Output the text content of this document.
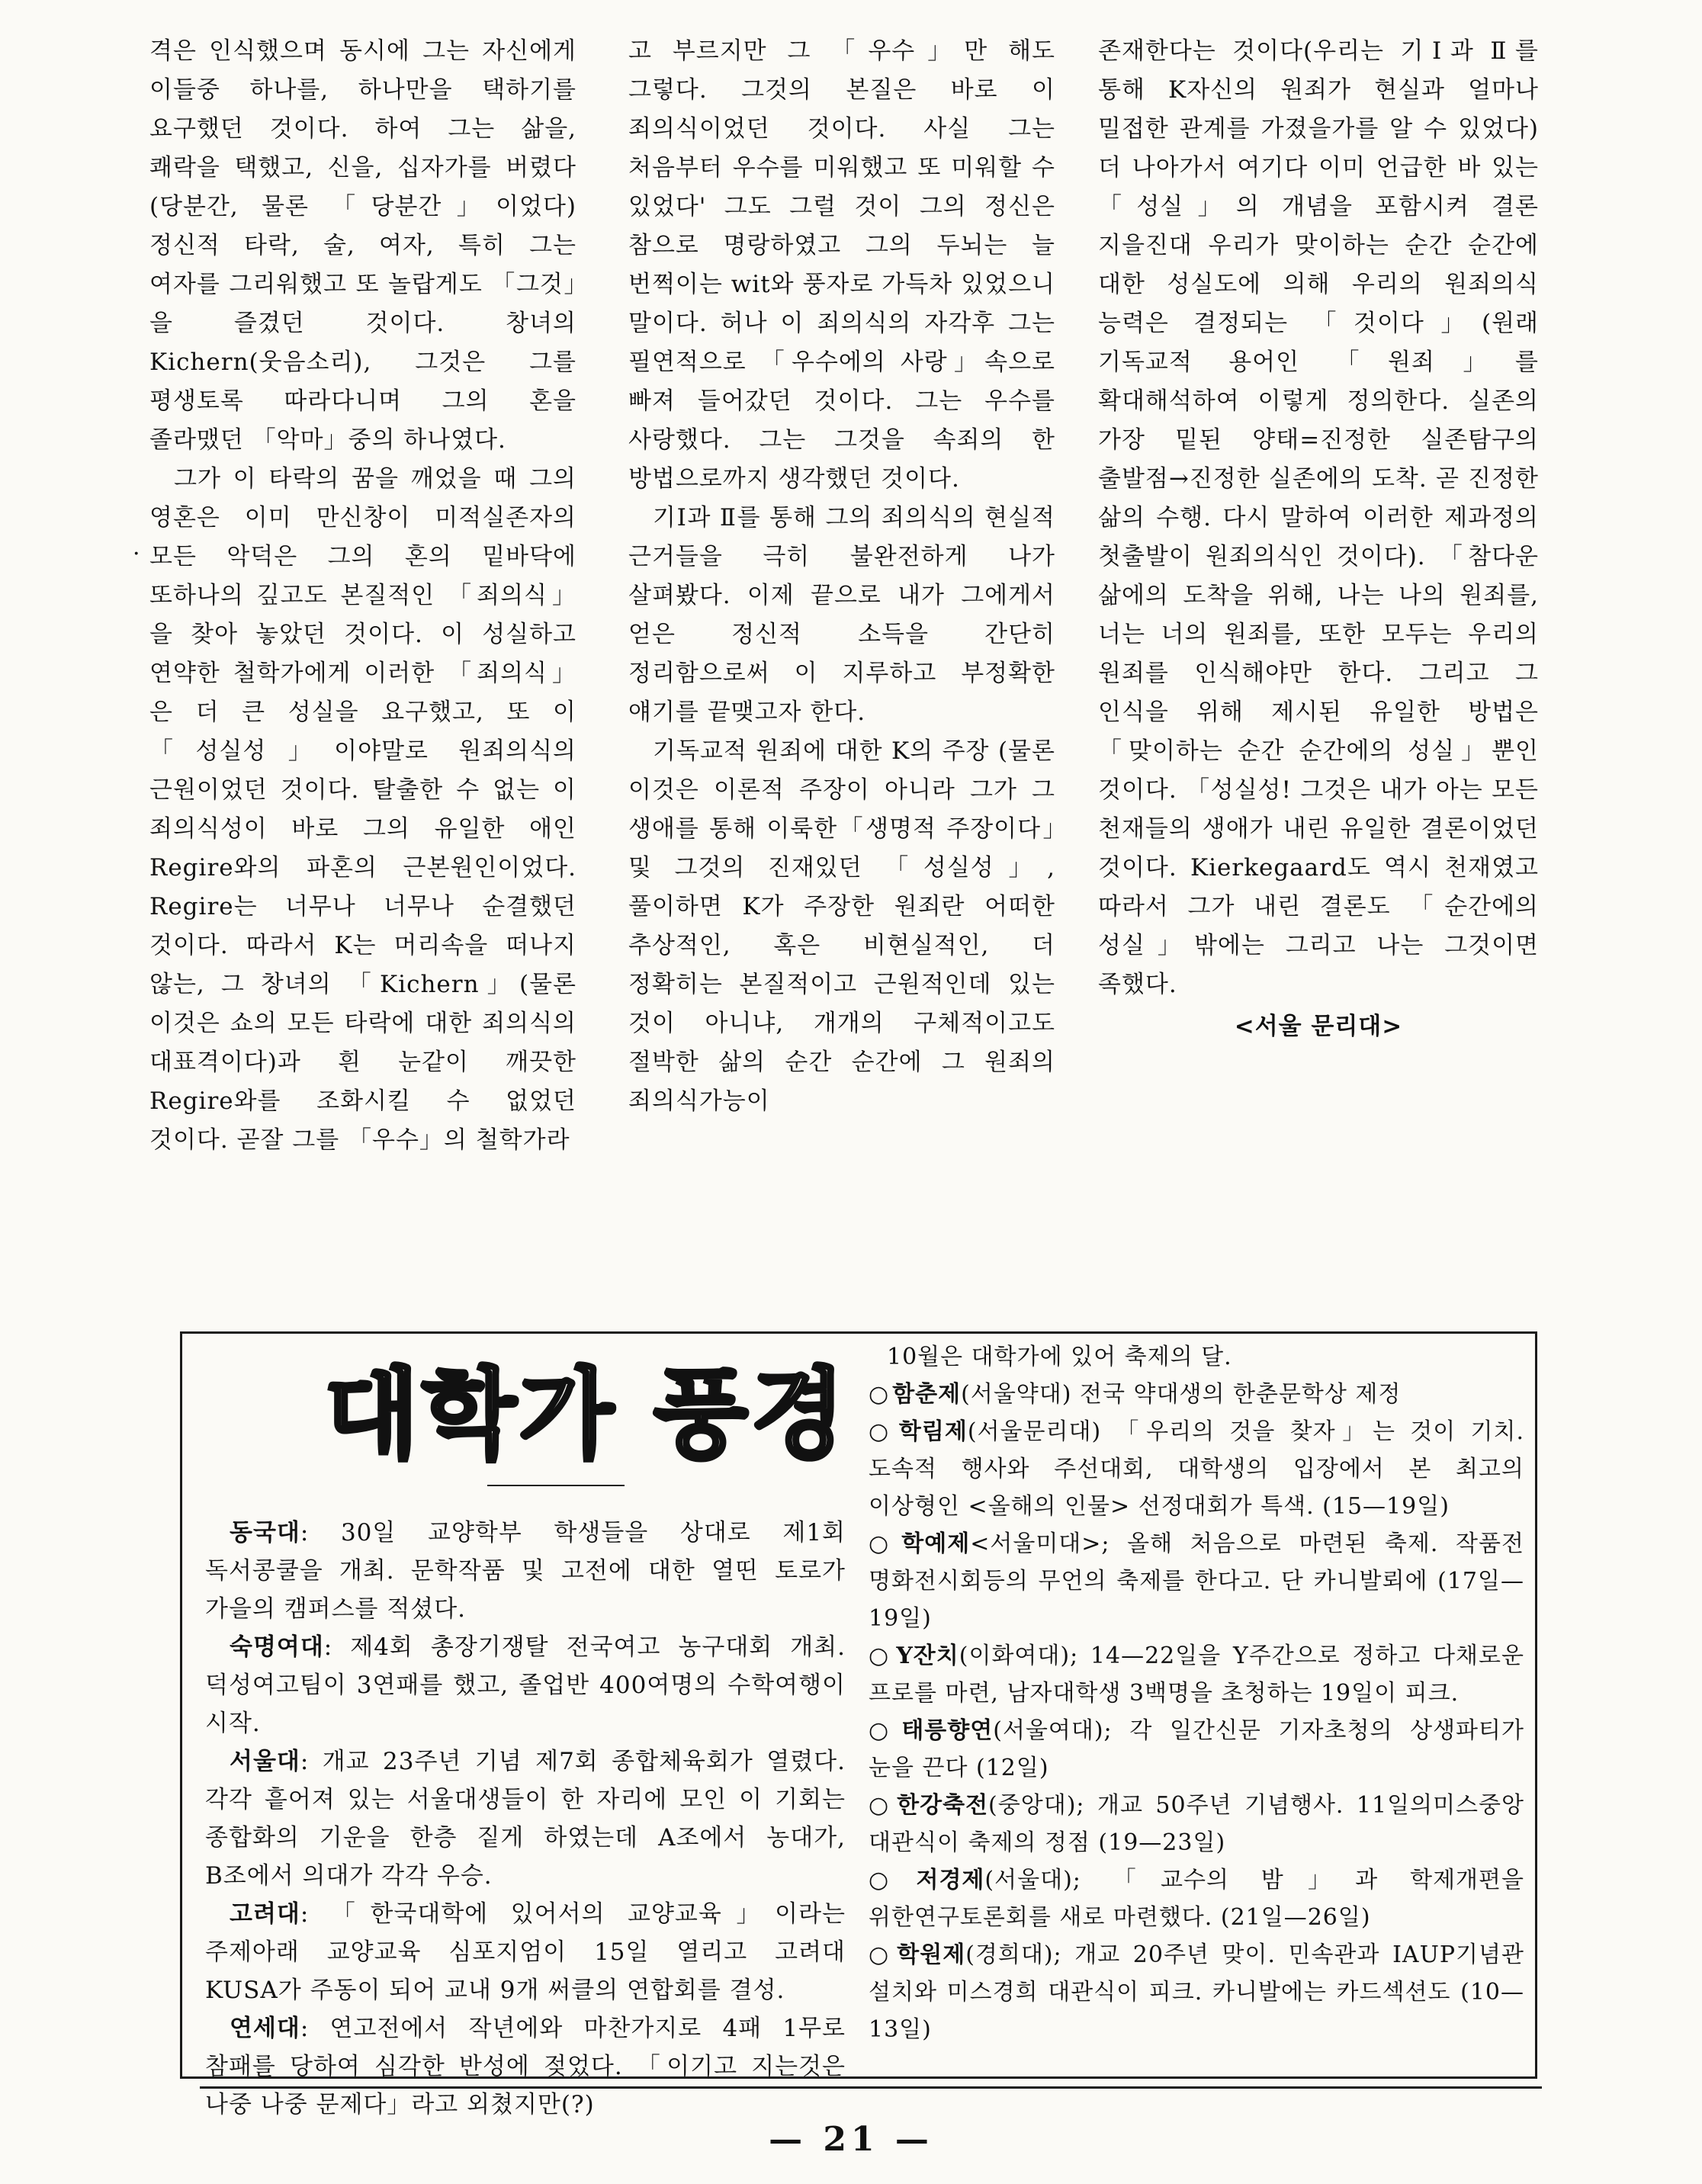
·

격은 인식했으며 동시에 그는 자신에게 이들중 하나를, 하나만을 택하기를 요구했던 것이다. 하여 그는 삶을, 쾌락을 택했고, 신을, 십자가를 버렸다(당분간, 물론 「당분간」이었다) 정신적 타락, 술, 여자, 특히 그는 여자를 그리워했고 또 놀랍게도 「그것」을 즐겼던 것이다. 창녀의 Kichern(웃음소리), 그것은 그를 평생토록 따라다니며 그의 혼을 졸라맸던 「악마」중의 하나였다.

그가 이 타락의 꿈을 깨었을 때 그의 영혼은 이미 만신창이 미적실존자의 모든 악덕은 그의 혼의 밑바닥에 또하나의 깊고도 본질적인 「죄의식」을 찾아 놓았던 것이다. 이 성실하고 연약한 철학가에게 이러한 「죄의식」은 더 큰 성실을 요구했고, 또 이 「성실성」이야말로 원죄의식의 근원이었던 것이다. 탈출한 수 없는 이 죄의식성이 바로 그의 유일한 애인 Regire와의 파혼의 근본원인이었다. Regire는 너무나 너무나 순결했던 것이다. 따라서 K는 머리속을 떠나지 않는, 그 창녀의 「Kichern」(물론 이것은 쇼의 모든 타락에 대한 죄의식의 대표격이다)과 흰 눈같이 깨끗한 Regire와를 조화시킬 수 없었던 것이다. 곧잘 그를 「우수」의 철학가라

고 부르지만 그 「우수」만 해도 그렇다. 그것의 본질은 바로 이 죄의식이었던 것이다. 사실 그는 처음부터 우수를 미워했고 또 미워할 수 있었다' 그도 그럴 것이 그의 정신은 참으로 명랑하였고 그의 두뇌는 늘 번쩍이는 wit와 풍자로 가득차 있었으니 말이다. 허나 이 죄의식의 자각후 그는 필연적으로 「우수에의 사랑」속으로 빠져 들어갔던 것이다. 그는 우수를 사랑했다. 그는 그것을 속죄의 한 방법으로까지 생각했던 것이다.

기Ⅰ과 Ⅱ를 통해 그의 죄의식의 현실적 근거들을 극히 불완전하게 나가 살펴봤다. 이제 끝으로 내가 그에게서 얻은 정신적 소득을 간단히 정리함으로써 이 지루하고 부정확한 얘기를 끝맺고자 한다.

기독교적 원죄에 대한 K의 주장 (물론 이것은 이론적 주장이 아니라 그가 그 생애를 통해 이룩한「생명적 주장이다」및 그것의 진재있던 「성실성」, 풀이하면 K가 주장한 원죄란 어떠한 추상적인, 혹은 비현실적인, 더 정확히는 본질적이고 근원적인데 있는 것이 아니냐, 개개의 구체적이고도 절박한 삶의 순간 순간에 그 원죄의 죄의식가능이

존재한다는 것이다(우리는 기Ⅰ과 Ⅱ를 통해 K자신의 원죄가 현실과 얼마나 밀접한 관계를 가졌을가를 알 수 있었다) 더 나아가서 여기다 이미 언급한 바 있는 「성실」의 개념을 포함시켜 결론 지을진대 우리가 맞이하는 순간 순간에 대한 성실도에 의해 우리의 원죄의식 능력은 결정되는 「것이다」(원래 기독교적 용어인 「원죄」를 확대해석하여 이렇게 정의한다. 실존의 가장 밑된 양태=진정한 실존탐구의 출발점→진정한 실존에의 도착. 곧 진정한 삶의 수행. 다시 말하여 이러한 제과정의 첫출발이 원죄의식인 것이다). 「참다운 삶에의 도착을 위해, 나는 나의 원죄를, 너는 너의 원죄를, 또한 모두는 우리의 원죄를 인식해야만 한다. 그리고 그 인식을 위해 제시된 유일한 방법은 「맞이하는 순간 순간에의 성실」뿐인 것이다. 「성실성! 그것은 내가 아는 모든 천재들의 생애가 내린 유일한 결론이었던 것이다. Kierkegaard도 역시 천재였고 따라서 그가 내린 결론도 「순간에의 성실」밖에는 그리고 나는 그것이면 족했다.

<서울 문리대>

대학가 풍경

동국대: 30일 교양학부 학생들을 상대로 제1회 독서콩쿨을 개최. 문학작품 및 고전에 대한 열띤 토로가 가을의 캠퍼스를 적셨다.

숙명여대: 제4회 총장기쟁탈 전국여고 농구대회 개최. 덕성여고팀이 3연패를 했고, 졸업반 400여명의 수학여행이 시작.

서울대: 개교 23주년 기념 제7회 종합체육회가 열렸다. 각각 흩어져 있는 서울대생들이 한 자리에 모인 이 기회는 종합화의 기운을 한층 짙게 하였는데 A조에서 농대가, B조에서 의대가 각각 우승.

고려대: 「한국대학에 있어서의 교양교육」이라는 주제아래 교양교육 심포지엄이 15일 열리고 고려대 KUSA가 주동이 되어 교내 9개 써클의 연합회를 결성.

연세대: 연고전에서 작년에와 마찬가지로 4패 1무로 참패를 당하여 심각한 반성에 젖었다. 「이기고 지는것은 나중 나중 문제다」라고 외쳤지만(?)

10월은 대학가에 있어 축제의 달.

○ 함춘제(서울약대) 전국 약대생의 한춘문학상 제정

○ 학림제(서울문리대) 「우리의 것을 찾자」는 것이 기치. 도속적 행사와 주선대회, 대학생의 입장에서 본 최고의 이상형인 <올해의 인물> 선정대회가 특색. (15—19일)

○ 학예제<서울미대>; 올해 처음으로 마련된 축제. 작품전 명화전시회등의 무언의 축제를 한다고. 단 카니발뢰에 (17일—19일)

○ Y잔치(이화여대); 14—22일을 Y주간으로 정하고 다채로운 프로를 마련, 남자대학생 3백명을 초청하는 19일이 피크.

○ 태릉향연(서울여대); 각 일간신문 기자초청의 상생파티가 눈을 끈다 (12일)

○ 한강축전(중앙대); 개교 50주년 기념행사. 11일의미스중앙 대관식이 축제의 정점 (19—23일)

○ 저경제(서울대); 「교수의 밤」과 학제개편을 위한연구토론회를 새로 마련했다. (21일—26일)

○ 학원제(경희대); 개교 20주년 맞이. 민속관과 IAUP기념관 설치와 미스경희 대관식이 피크. 카니발에는 카드섹션도 (10—13일)

— 21 —
